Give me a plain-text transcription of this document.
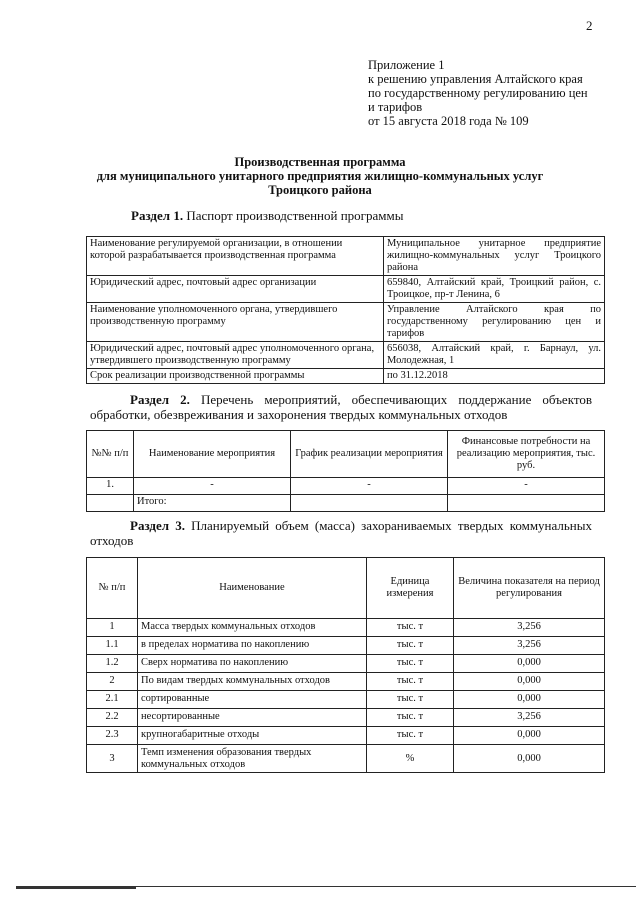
2
Приложение 1
к решению управления Алтайского края
по государственному регулированию цен
и тарифов
от 15 августа 2018 года № 109
Производственная программа
для муниципального унитарного предприятия жилищно-коммунальных услуг
Троицкого района
Раздел 1. Паспорт производственной программы
Наименование регулируемой организации, в отношении которой разрабатывается производственная программа	Муниципальное унитарное предприятие жилищно-коммунальных услуг Троицкого района
Юридический адрес, почтовый адрес организации	659840, Алтайский край, Троицкий район, с. Троицкое, пр-т Ленина, 6
Наименование уполномоченного органа, утвердившего производственную программу	Управление Алтайского края по государственному регулированию цен и тарифов
Юридический адрес, почтовый адрес уполномоченного органа, утвердившего производственную программу	656038, Алтайский край, г. Барнаул, ул. Молодежная, 1
Срок реализации производственной программы	по 31.12.2018
Раздел 2. Перечень мероприятий, обеспечивающих поддержание объектов обработки, обезвреживания и захоронения твердых коммунальных отходов
№№ п/п	Наименование мероприятия	График реализации мероприятия	Финансовые потребности на реализацию мероприятия, тыс. руб.
1.	-	-	-
	Итого:		
Раздел 3. Планируемый объем (масса) захораниваемых твердых коммунальных отходов
№ п/п	Наименование	Единица измерения	Величина показателя на период регулирования
1	Масса твердых коммунальных отходов	тыс. т	3,256
1.1	в пределах норматива по накоплению	тыс. т	3,256
1.2	Сверх норматива по накоплению	тыс. т	0,000
2	По видам твердых коммунальных отходов	тыс. т	0,000
2.1	сортированные	тыс. т	0,000
2.2	несортированные	тыс. т	3,256
2.3	крупногабаритные отходы	тыс. т	0,000
3	Темп изменения образования твердых коммунальных отходов	%	0,000
